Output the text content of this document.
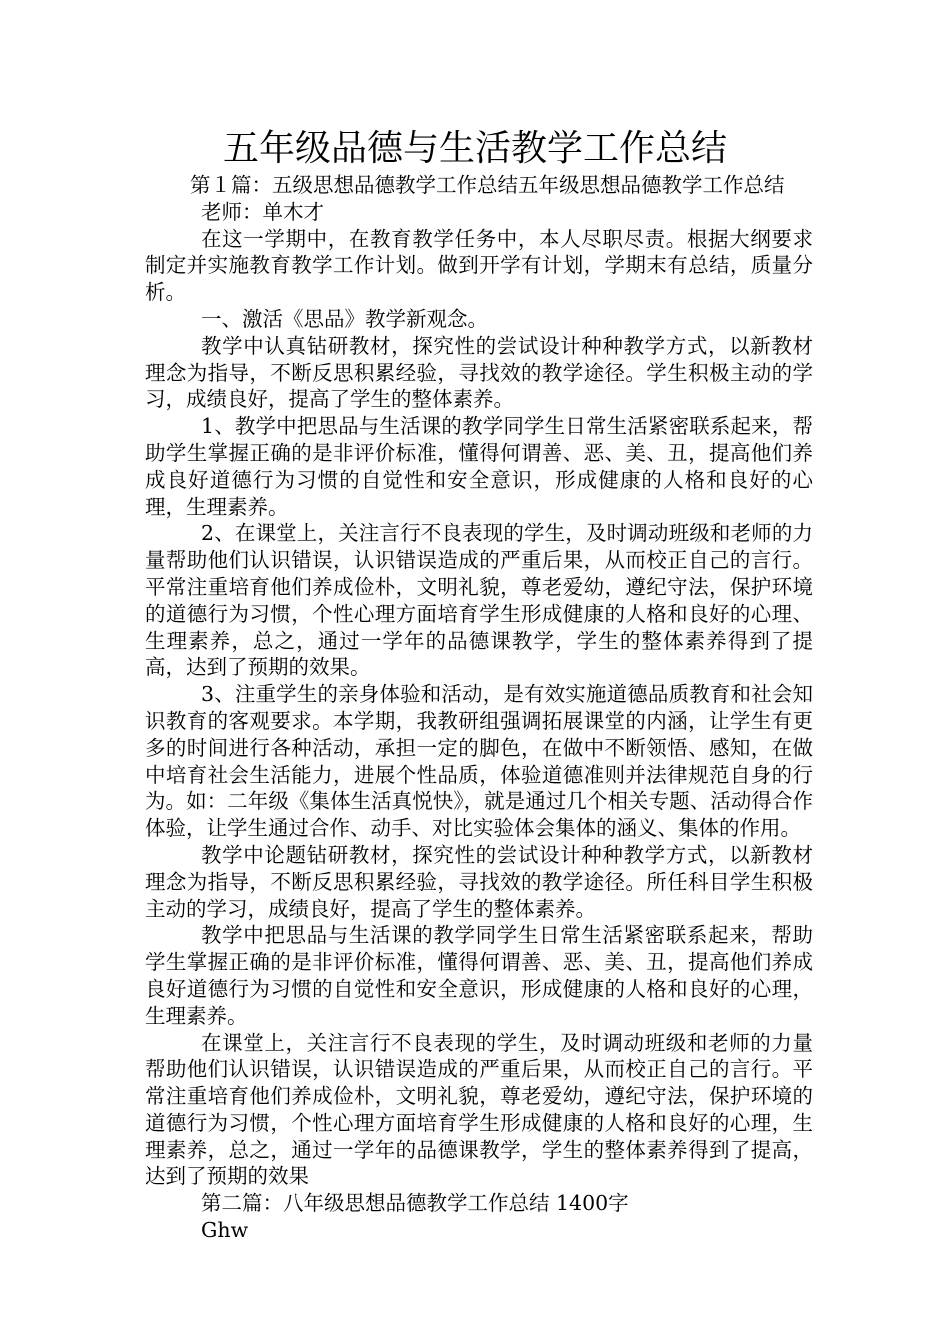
五年级品德与生活教学工作总结

第１篇：五级思想品德教学工作总结五年级思想品德教学工作总结

老师：单木才

在这一学期中，在教育教学任务中，本人尽职尽责。根据大纲要求制定并实施教育教学工作计划。做到开学有计划，学期末有总结，质量分析。

一、激活《思品》教学新观念。

教学中认真钻研教材，探究性的尝试设计种种教学方式，以新教材理念为指导，不断反思积累经验，寻找效的教学途径。学生积极主动的学习，成绩良好，提高了学生的整体素养。

1、教学中把思品与生活课的教学同学生日常生活紧密联系起来，帮助学生掌握正确的是非评价标准，懂得何谓善、恶、美、丑，提高他们养成良好道德行为习惯的自觉性和安全意识，形成健康的人格和良好的心理，生理素养。

2、在课堂上，关注言行不良表现的学生，及时调动班级和老师的力量帮助他们认识错误，认识错误造成的严重后果，从而校正自己的言行。平常注重培育他们养成俭朴，文明礼貌，尊老爱幼，遵纪守法，保护环境的道德行为习惯，个性心理方面培育学生形成健康的人格和良好的心理、生理素养，总之，通过一学年的品德课教学，学生的整体素养得到了提高，达到了预期的效果。

3、注重学生的亲身体验和活动，是有效实施道德品质教育和社会知识教育的客观要求。本学期，我教研组强调拓展课堂的内涵，让学生有更多的时间进行各种活动，承担一定的脚色，在做中不断领悟、感知，在做中培育社会生活能力，进展个性品质，体验道德准则并法律规范自身的行为。如：二年级《集体生活真悦快》，就是通过几个相关专题、活动得合作体验，让学生通过合作、动手、对比实验体会集体的涵义、集体的作用。

教学中论题钻研教材，探究性的尝试设计种种教学方式，以新教材理念为指导，不断反思积累经验，寻找效的教学途径。所任科目学生积极主动的学习，成绩良好，提高了学生的整体素养。

教学中把思品与生活课的教学同学生日常生活紧密联系起来，帮助学生掌握正确的是非评价标准，懂得何谓善、恶、美、丑，提高他们养成良好道德行为习惯的自觉性和安全意识，形成健康的人格和良好的心理，生理素养。

在课堂上，关注言行不良表现的学生，及时调动班级和老师的力量帮助他们认识错误，认识错误造成的严重后果，从而校正自己的言行。平常注重培育他们养成俭朴，文明礼貌，尊老爱幼，遵纪守法，保护环境的道德行为习惯，个性心理方面培育学生形成健康的人格和良好的心理，生理素养，总之，通过一学年的品德课教学，学生的整体素养得到了提高，达到了预期的效果

第二篇：八年级思想品德教学工作总结 1400字

Ghw
